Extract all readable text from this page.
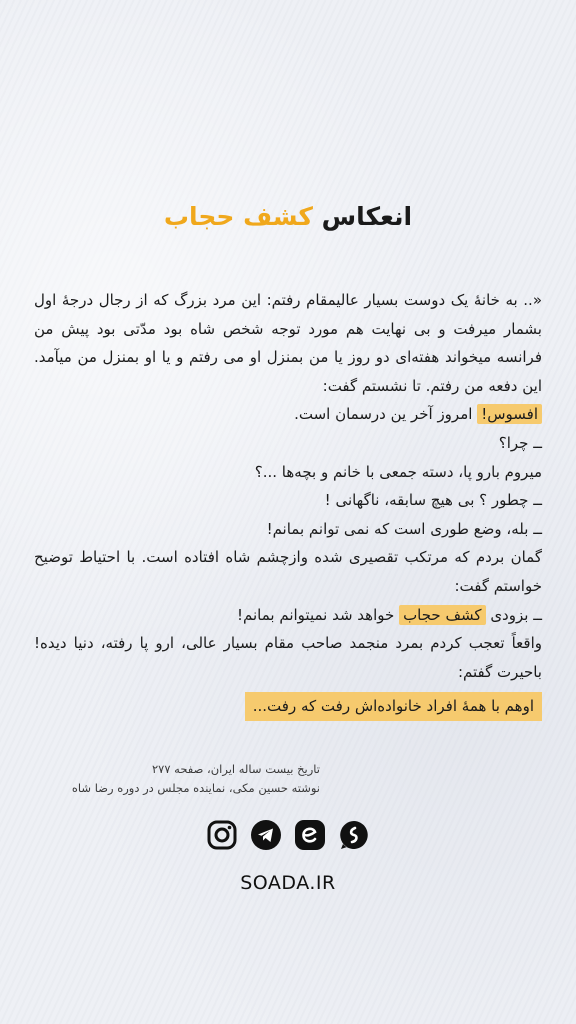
انعکاس کشف حجاب

«.. به خانهٔ یک دوست بسیار عالیمقام رفتم: این مرد بزرگ که از رجال درجهٔ اول بشمار میرفت و بی نهایت هم مورد توجه شخص شاه بود مدّتی بود پیش من فرانسه میخواند هفته‌ای دو روز یا من بمنزل او می رفتم و یا او بمنزل من میآمد. این دفعه من رفتم. تا نشستم گفت:

افسوس! امروز آخر ین درسمان است.

ــ چرا؟

میروم بارو پا، دسته جمعی با خانم و بچه‌ها ...؟

ــ چطور ؟ بی هیچ سابقه، ناگهانی !

ــ بله، وضع طوری است که نمی توانم بمانم!

گمان بردم که مرتکب تقصیری شده وازچشم شاه افتاده است. با احتیاط توضیح خواستم گفت:

ــ بزودی کشف حجاب خواهد شد نمیتوانم بمانم!

واقعاً تعجب کردم بمرد منجمد صاحب مقام بسیار عالی، ارو پا رفته، دنیا دیده! باحیرت گفتم:

اوهم با همهٔ افراد خانواده‌اش رفت که رفت...

تاریخ بیست ساله ایران، صفحه ۲۷۷
نوشته حسین مکی، نماینده مجلس در دوره رضا شاه
SOADA.IR
